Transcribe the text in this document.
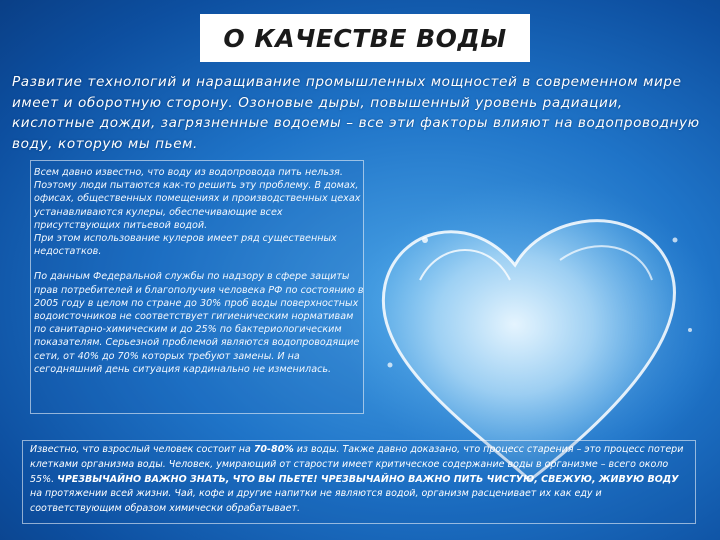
О КАЧЕСТВЕ ВОДЫ
Развитие технологий и наращивание промышленных мощностей в современном мире имеет и оборотную сторону. Озоновые дыры, повышенный уровень радиации, кислотные дожди, загрязненные водоемы – все эти факторы влияют на водопроводную воду, которую мы пьем.

Всем давно известно, что воду из водопровода пить нельзя. Поэтому люди пытаются как-то решить эту проблему. В домах, офисах, общественных помещениях и производственных цехах устанавливаются кулеры, обеспечивающие всех присутствующих питьевой водой.

При этом использование кулеров имеет ряд существенных недостатков.

По данным Федеральной службы по надзору в сфере защиты прав потребителей и благополучия человека РФ по состоянию в 2005 году в целом по стране до 30% проб воды поверхностных водоисточников не соответствует гигиеническим нормативам по санитарно-химическим и до 25% по бактериологическим показателям. Серьезной проблемой являются водопроводящие сети, от 40% до 70% которых требуют замены. И на сегодняшний день ситуация кардинально не изменилась.

Известно, что взрослый человек состоит на 70-80% из воды. Также давно доказано, что процесс старения – это процесс потери клетками организма воды. Человек, умирающий от старости имеет критическое содержание воды в организме – всего около 55%. ЧРЕЗВЫЧАЙНО ВАЖНО ЗНАТЬ, ЧТО ВЫ ПЬЕТЕ! ЧРЕЗВЫЧАЙНО ВАЖНО ПИТЬ ЧИСТУЮ, СВЕЖУЮ, ЖИВУЮ ВОДУ на протяжении всей жизни. Чай, кофе и другие напитки не являются водой, организм расценивает их как еду и соответствующим образом химически обрабатывает.
